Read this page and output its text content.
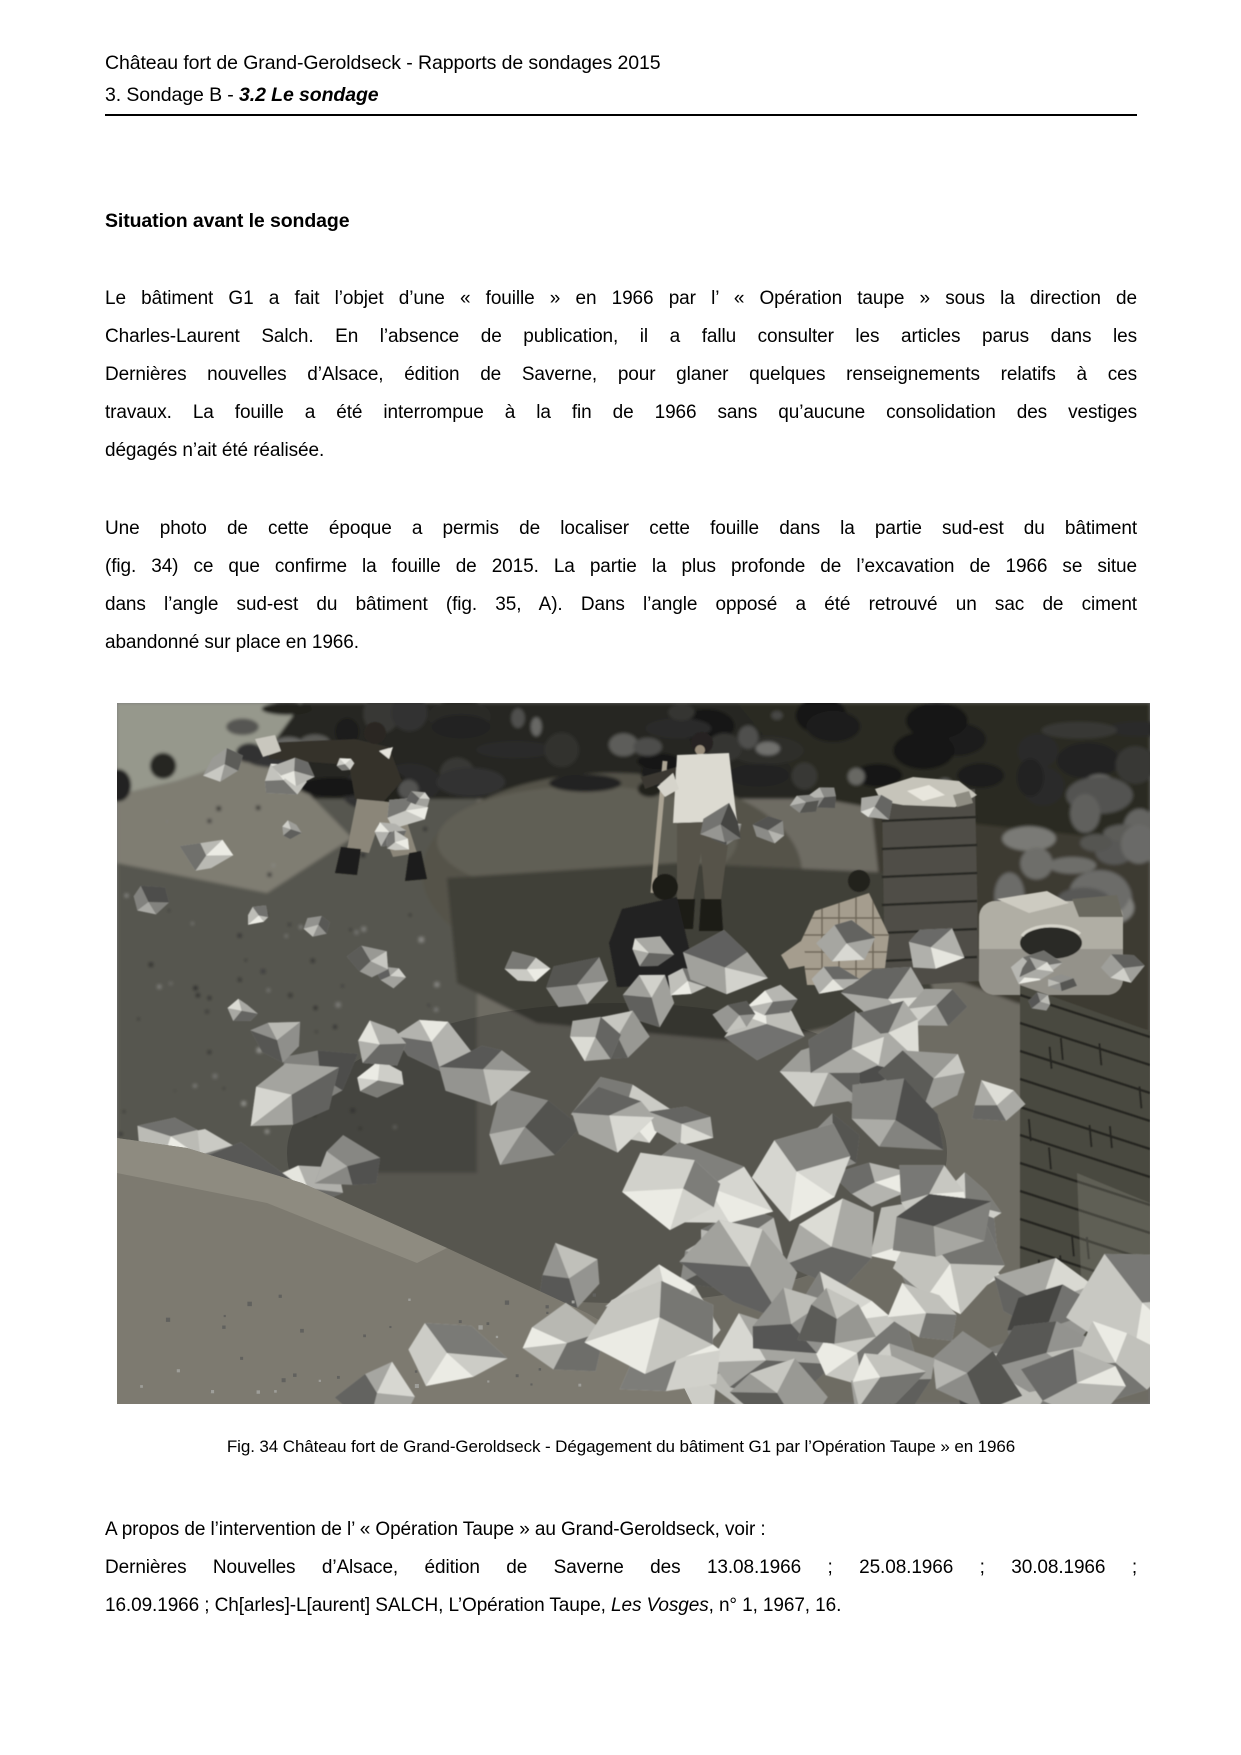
Château fort de Grand-Geroldseck - Rapports de sondages 2015
3. Sondage B - 3.2 Le sondage
Situation avant le sondage
Le bâtiment G1 a fait l’objet d’une « fouille » en 1966 par l’ « Opération taupe » sous la direction de
Charles-Laurent Salch. En l’absence de publication, il a fallu consulter les articles parus dans les
Dernières nouvelles d’Alsace, édition de Saverne, pour glaner quelques renseignements relatifs à ces
travaux. La fouille a été interrompue à la fin de 1966 sans qu’aucune consolidation des vestiges
dégagés n’ait été réalisée.
Une photo de cette époque a permis de localiser cette fouille dans la partie sud-est du bâtiment
(fig. 34) ce que confirme la fouille de 2015. La partie la plus profonde de l’excavation de 1966 se situe
dans l’angle sud-est du bâtiment (fig. 35, A). Dans l’angle opposé a été retrouvé un sac de ciment
abandonné sur place en 1966.
Fig. 34 Château fort de Grand-Geroldseck - Dégagement du bâtiment G1 par l’Opération Taupe » en 1966
A propos de l’intervention de l’ « Opération Taupe » au Grand-Geroldseck, voir :
Dernières Nouvelles d’Alsace, édition de Saverne des 13.08.1966 ; 25.08.1966 ; 30.08.1966 ;
16.09.1966 ; Ch[arles]-L[aurent] SALCH, L’Opération Taupe, Les Vosges, n° 1, 1967, 16.
